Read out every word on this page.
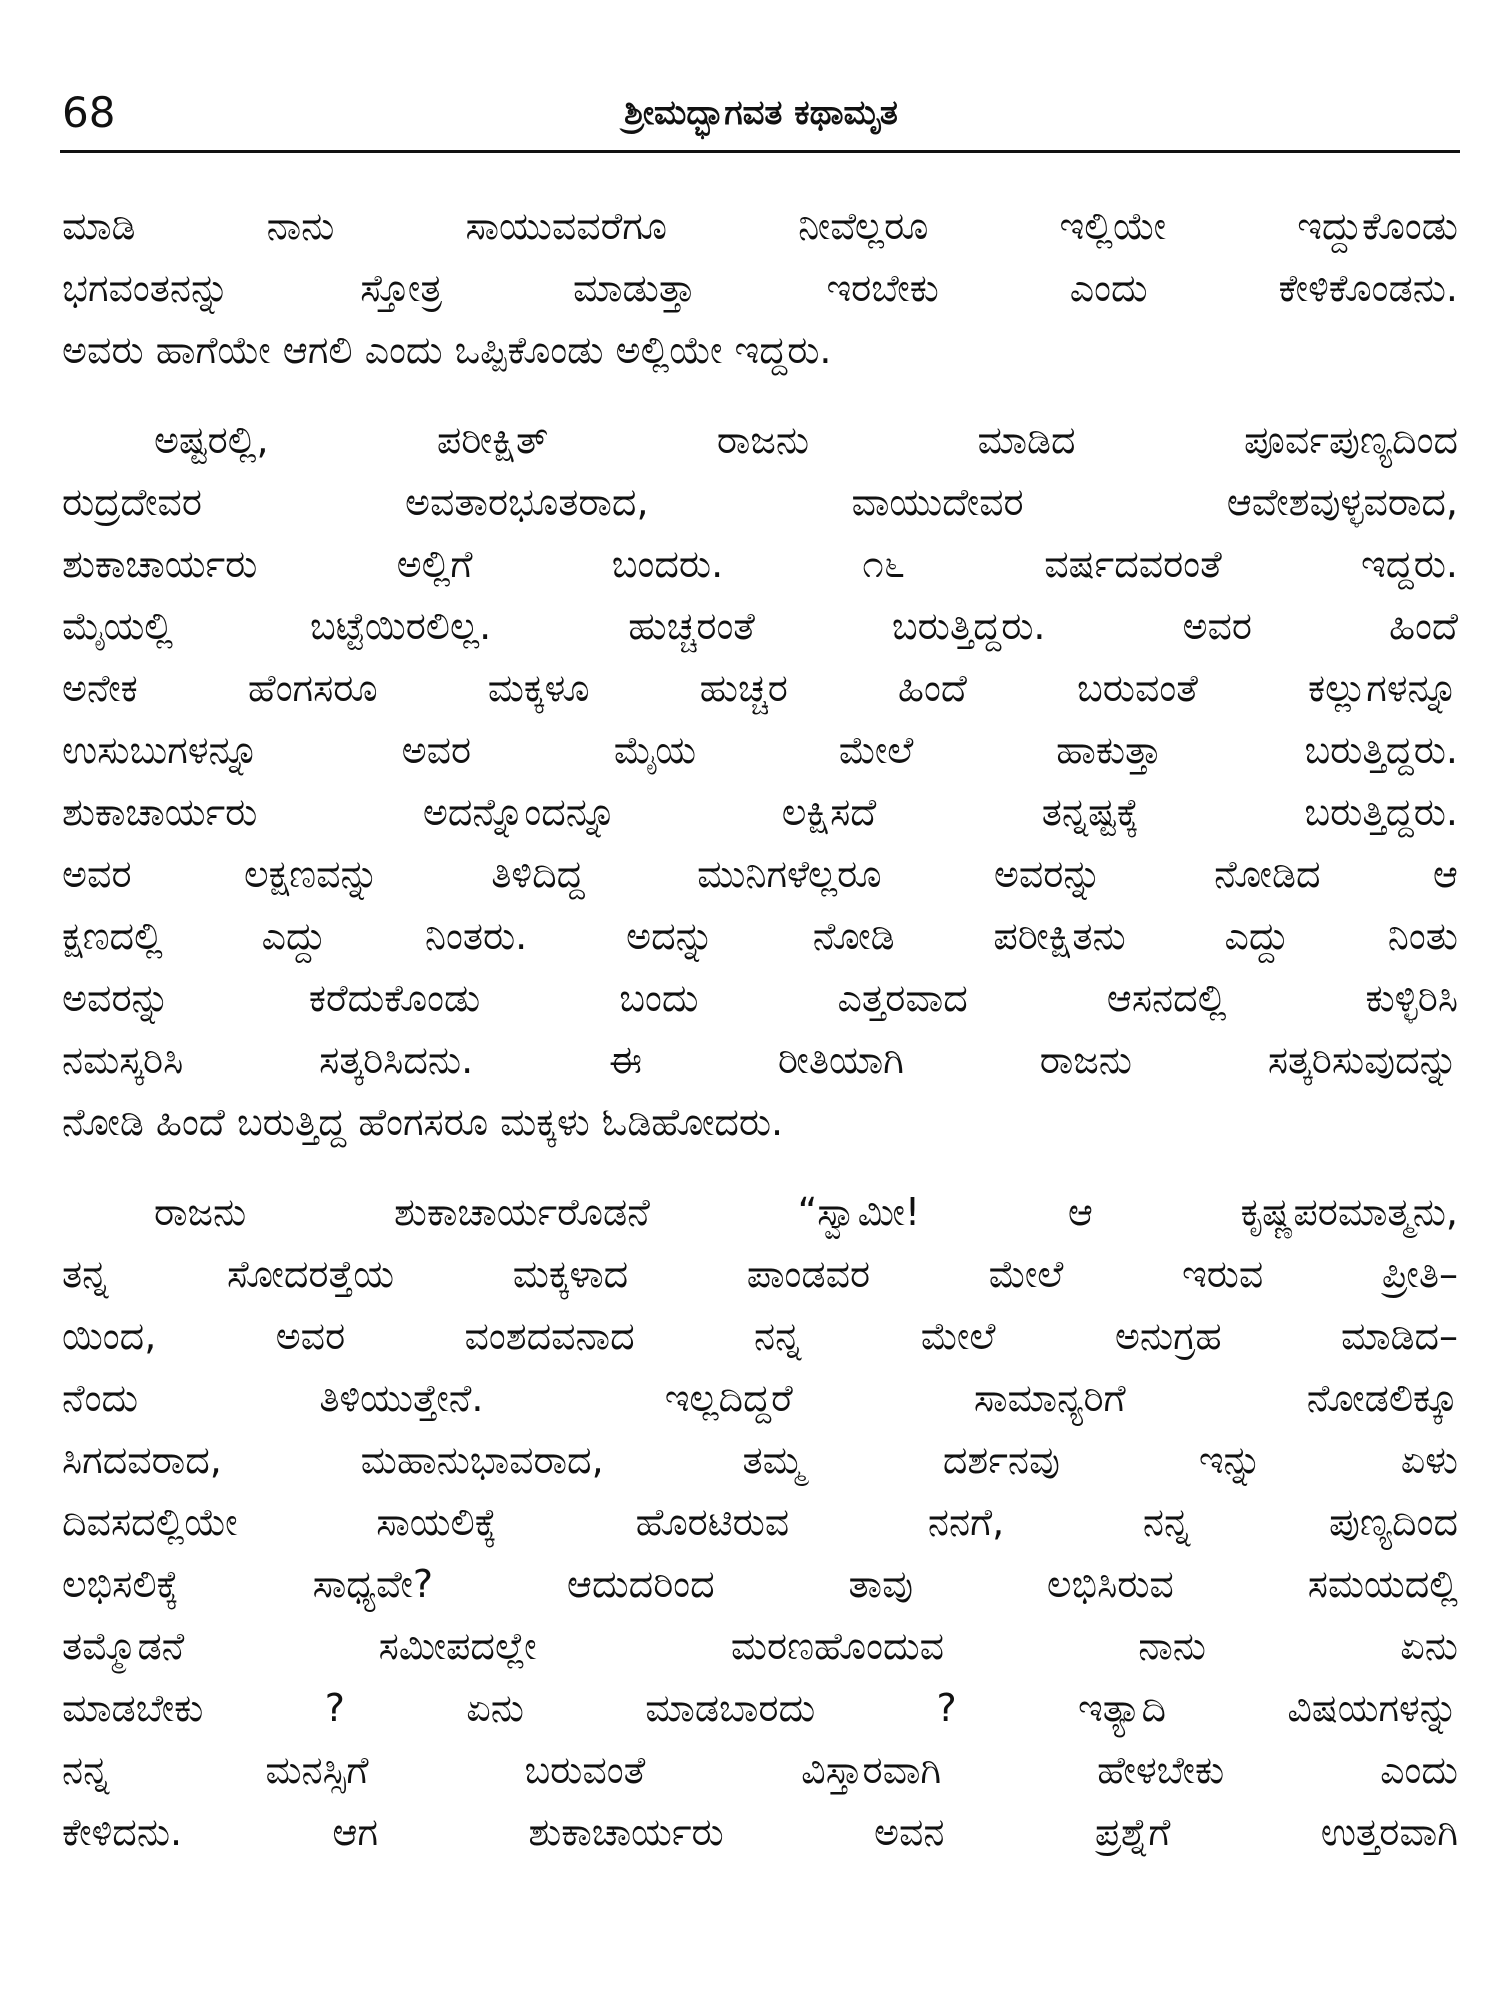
68	ಶ್ರೀಮದ್ಭಾಗವತ ಕಥಾಮೃತ
ಮಾಡಿ ನಾನು ಸಾಯುವವರೆಗೂ ನೀವೆಲ್ಲರೂ ಇಲ್ಲಿಯೇ ಇದ್ದುಕೊಂಡು
ಭಗವಂತನನ್ನು ಸ್ತೋತ್ರ ಮಾಡುತ್ತಾ ಇರಬೇಕು ಎಂದು ಕೇಳಿಕೊಂಡನು.
ಅವರು ಹಾಗೆಯೇ ಆಗಲಿ ಎಂದು ಒಪ್ಪಿಕೊಂಡು ಅಲ್ಲಿಯೇ ಇದ್ದರು.
ಅಷ್ಟರಲ್ಲಿ, ಪರೀಕ್ಷಿತ್ ರಾಜನು ಮಾಡಿದ ಪೂರ್ವಪುಣ್ಯದಿಂದ
ರುದ್ರದೇವರ ಅವತಾರಭೂತರಾದ, ವಾಯುದೇವರ ಆವೇಶವುಳ್ಳವರಾದ,
ಶುಕಾಚಾರ್ಯರು ಅಲ್ಲಿಗೆ ಬಂದರು. ೧೬ ವರ್ಷದವರಂತೆ ಇದ್ದರು.
ಮೈಯಲ್ಲಿ ಬಟ್ಟೆಯಿರಲಿಲ್ಲ. ಹುಚ್ಚರಂತೆ ಬರುತ್ತಿದ್ದರು. ಅವರ ಹಿಂದೆ
ಅನೇಕ ಹೆಂಗಸರೂ ಮಕ್ಕಳೂ ಹುಚ್ಚರ ಹಿಂದೆ ಬರುವಂತೆ ಕಲ್ಲುಗಳನ್ನೂ
ಉಸುಬುಗಳನ್ನೂ ಅವರ ಮೈಯ ಮೇಲೆ ಹಾಕುತ್ತಾ ಬರುತ್ತಿದ್ದರು.
ಶುಕಾಚಾರ್ಯರು ಅದನ್ನೊಂದನ್ನೂ ಲಕ್ಷಿಸದೆ ತನ್ನಷ್ಟಕ್ಕೆ ಬರುತ್ತಿದ್ದರು.
ಅವರ ಲಕ್ಷಣವನ್ನು ತಿಳಿದಿದ್ದ ಮುನಿಗಳೆಲ್ಲರೂ ಅವರನ್ನು ನೋಡಿದ ಆ
ಕ್ಷಣದಲ್ಲಿ ಎದ್ದು ನಿಂತರು. ಅದನ್ನು ನೋಡಿ ಪರೀಕ್ಷಿತನು ಎದ್ದು ನಿಂತು
ಅವರನ್ನು ಕರೆದುಕೊಂಡು ಬಂದು ಎತ್ತರವಾದ ಆಸನದಲ್ಲಿ ಕುಳ್ಳಿರಿಸಿ
ನಮಸ್ಕರಿಸಿ ಸತ್ಕರಿಸಿದನು. ಈ ರೀತಿಯಾಗಿ ರಾಜನು ಸತ್ಕರಿಸುವುದನ್ನು
ನೋಡಿ ಹಿಂದೆ ಬರುತ್ತಿದ್ದ ಹೆಂಗಸರೂ ಮಕ್ಕಳು ಓಡಿಹೋದರು.
ರಾಜನು ಶುಕಾಚಾರ್ಯರೊಡನೆ “ಸ್ವಾಮೀ! ಆ ಕೃಷ್ಣಪರಮಾತ್ಮನು,
ತನ್ನ ಸೋದರತ್ತೆಯ ಮಕ್ಕಳಾದ ಪಾಂಡವರ ಮೇಲೆ ಇರುವ ಪ್ರೀತಿ–
ಯಿಂದ, ಅವರ ವಂಶದವನಾದ ನನ್ನ ಮೇಲೆ ಅನುಗ್ರಹ ಮಾಡಿದ–
ನೆಂದು ತಿಳಿಯುತ್ತೇನೆ. ಇಲ್ಲದಿದ್ದರೆ ಸಾಮಾನ್ಯರಿಗೆ ನೋಡಲಿಕ್ಕೂ
ಸಿಗದವರಾದ, ಮಹಾನುಭಾವರಾದ, ತಮ್ಮ ದರ್ಶನವು ಇನ್ನು ಏಳು
ದಿವಸದಲ್ಲಿಯೇ ಸಾಯಲಿಕ್ಕೆ ಹೊರಟಿರುವ ನನಗೆ, ನನ್ನ ಪುಣ್ಯದಿಂದ
ಲಭಿಸಲಿಕ್ಕೆ ಸಾಧ್ಯವೇ? ಆದುದರಿಂದ ತಾವು ಲಭಿಸಿರುವ ಸಮಯದಲ್ಲಿ
ತಮ್ಮೊಡನೆ ಸಮೀಪದಲ್ಲೇ ಮರಣಹೊಂದುವ ನಾನು ಏನು
ಮಾಡಬೇಕು ? ಏನು ಮಾಡಬಾರದು ? ಇತ್ಯಾದಿ ವಿಷಯಗಳನ್ನು
ನನ್ನ ಮನಸ್ಸಿಗೆ ಬರುವಂತೆ ವಿಸ್ತಾರವಾಗಿ ಹೇಳಬೇಕು ಎಂದು
ಕೇಳಿದನು. ಆಗ ಶುಕಾಚಾರ್ಯರು ಅವನ ಪ್ರಶ್ನೆಗೆ ಉತ್ತರವಾಗಿ
